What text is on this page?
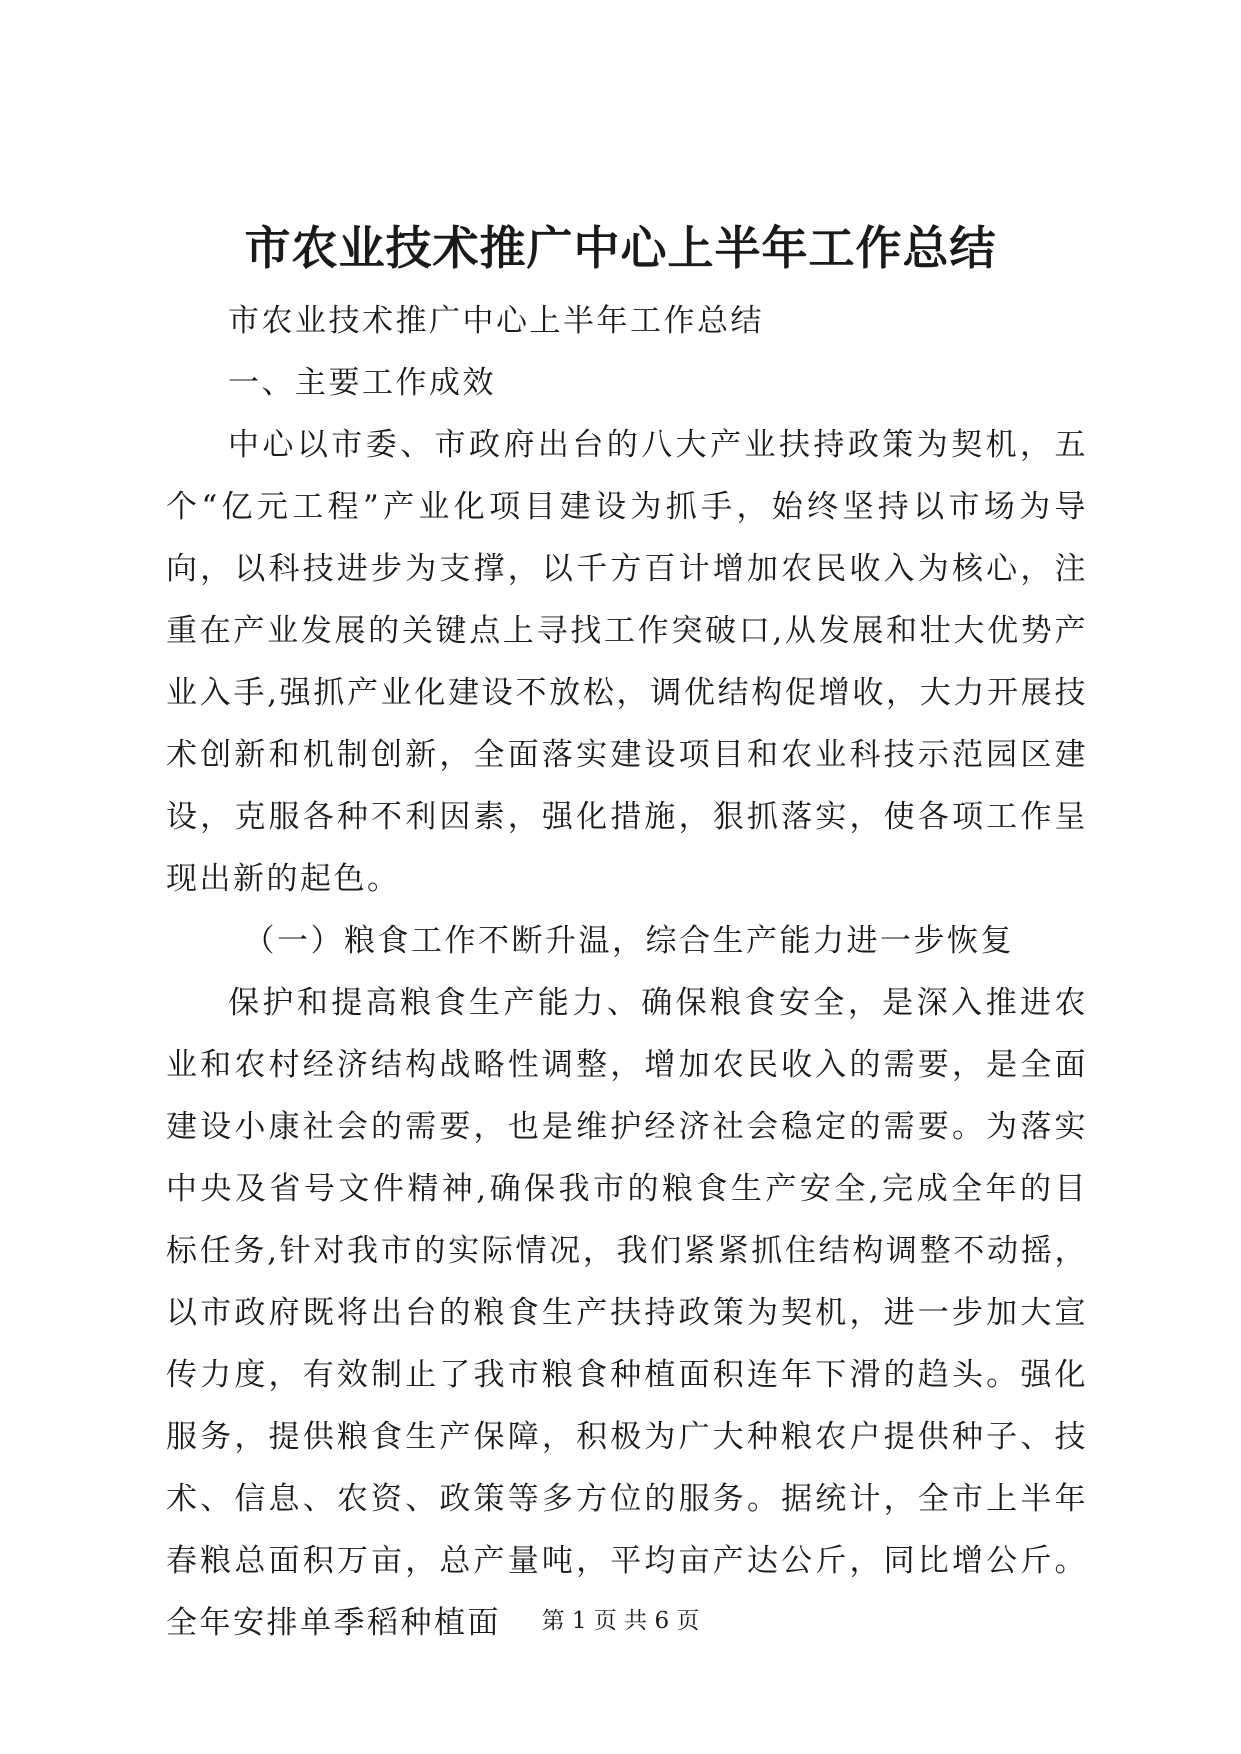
市农业技术推广中心上半年工作总结

市农业技术推广中心上半年工作总结

一、主要工作成效

中心以市委、市政府出台的八大产业扶持政策为契机，五个“亿元工程”产业化项目建设为抓手，始终坚持以市场为导向，以科技进步为支撑，以千方百计增加农民收入为核心，注重在产业发展的关键点上寻找工作突破口,从发展和壮大优势产业入手,强抓产业化建设不放松，调优结构促增收，大力开展技术创新和机制创新，全面落实建设项目和农业科技示范园区建设，克服各种不利因素，强化措施，狠抓落实，使各项工作呈现出新的起色。

（一）粮食工作不断升温，综合生产能力进一步恢复

保护和提高粮食生产能力、确保粮食安全，是深入推进农业和农村经济结构战略性调整，增加农民收入的需要，是全面建设小康社会的需要，也是维护经济社会稳定的需要。为落实中央及省号文件精神,确保我市的粮食生产安全,完成全年的目标任务,针对我市的实际情况，我们紧紧抓住结构调整不动摇，以市政府既将出台的粮食生产扶持政策为契机，进一步加大宣传力度，有效制止了我市粮食种植面积连年下滑的趋头。强化服务，提供粮食生产保障，积极为广大种粮农户提供种子、技术、信息、农资、政策等多方位的服务。据统计，全市上半年春粮总面积万亩，总产量吨，平均亩产达公斤，同比增公斤。全年安排单季稻种植面	第 1 页 共 6 页
